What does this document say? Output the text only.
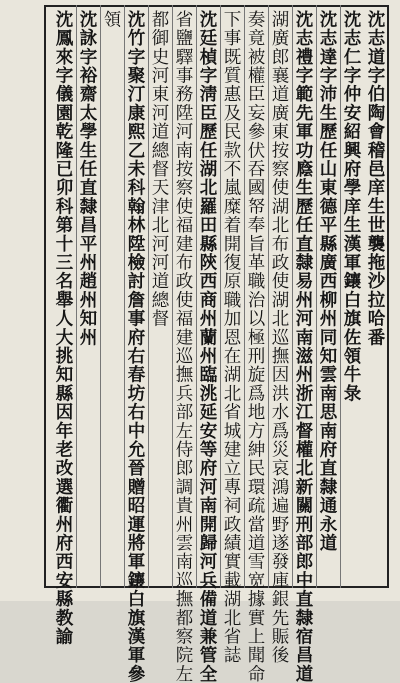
沈志道字伯陶會稽邑庠生世襲拖沙拉哈番
沈志仁字仲安紹興府學庠生漢軍鑲白旗佐領牛彔
沈志達字沛生歷任山東德平縣廣西柳州同知雲南思南府直隸通永道
沈志禮字範先軍功廕生歷任直隸易州河南滋州浙江督權北新關刑部郎中直隸宿昌道
湖廣郎襄道廣東按察使湖北布政使湖北巡撫因洪水爲災哀鴻遍野遂發庫銀先賑後
奏竟被權臣妄參伏吞國帑奉旨革職治以極刑旋爲地方紳民環疏當道雪宽據實上聞命
下事既質惠及民款不嵐糜着開復原職加恩在湖北省城建立專祠政績實載湖北省誌
沈廷楨字淸臣歷任湖北羅田縣陝西商州蘭州臨洮延安等府河南開歸河兵備道兼管全
省鹽驛事務陞河南按察使福建布政使福建巡撫兵部左侍郎調貴州雲南巡撫都察院左
都御史河東河道總督天津北河河道總督
沈竹字聚汀康熙乙未科翰林陞檢討詹事府右春坊右中允晉贈昭運將軍鑲白旗漢軍參
領
沈詠字裕齋太學生任直隸昌平州趙州知州
沈鳳來字儀園乾隆已卯科第十三名舉人大挑知縣因年老改選衢州府西安縣教諭
